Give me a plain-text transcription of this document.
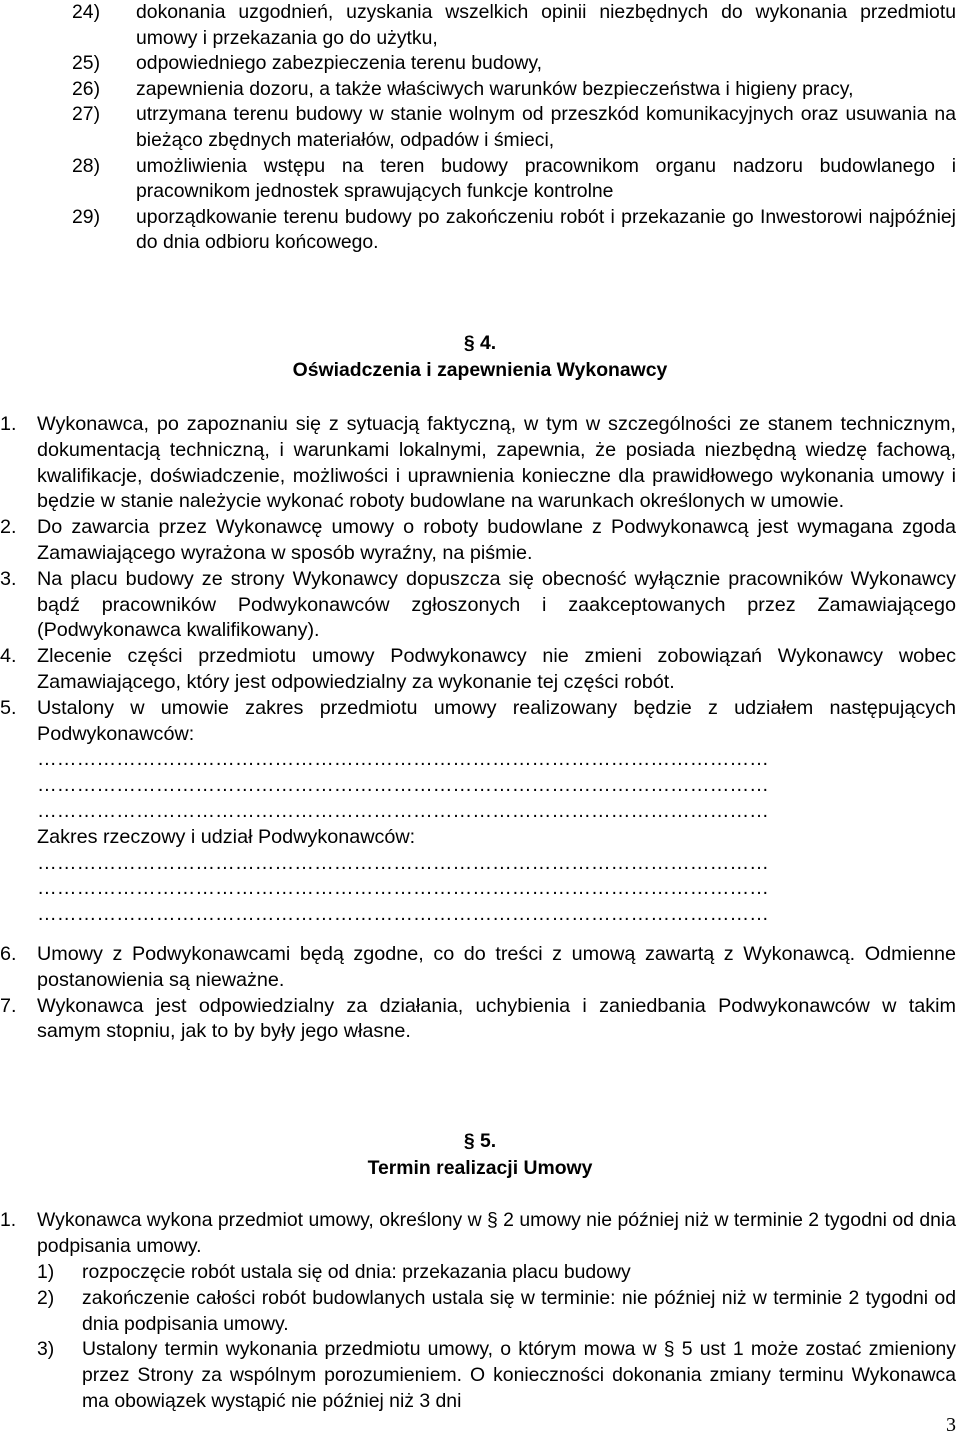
24) dokonania uzgodnień, uzyskania wszelkich opinii niezbędnych do wykonania przedmiotu umowy i przekazania go do użytku,
25) odpowiedniego zabezpieczenia terenu budowy,
26) zapewnienia dozoru, a także właściwych warunków bezpieczeństwa i higieny pracy,
27) utrzymana terenu budowy w stanie wolnym od przeszkód komunikacyjnych oraz usuwania na bieżąco zbędnych materiałów, odpadów i śmieci,
28) umożliwienia wstępu na teren budowy pracownikom organu nadzoru budowlanego i pracownikom jednostek sprawujących funkcje kontrolne
29) uporządkowanie terenu budowy po zakończeniu robót i przekazanie go Inwestorowi najpóźniej do dnia odbioru końcowego.
§ 4.
Oświadczenia i zapewnienia Wykonawcy
1. Wykonawca, po zapoznaniu się z sytuacją faktyczną, w tym w szczególności ze stanem technicznym, dokumentacją techniczną, i warunkami lokalnymi, zapewnia, że posiada niezbędną wiedzę fachową, kwalifikacje, doświadczenie, możliwości i uprawnienia konieczne dla prawidłowego wykonania umowy i będzie w stanie należycie wykonać roboty budowlane na warunkach określonych w umowie.
2. Do zawarcia przez Wykonawcę umowy o roboty budowlane z Podwykonawcą jest wymagana zgoda Zamawiającego wyrażona w sposób wyraźny, na piśmie.
3. Na placu budowy ze strony Wykonawcy dopuszcza się obecność wyłącznie pracowników Wykonawcy bądź pracowników Podwykonawców zgłoszonych i zaakceptowanych przez Zamawiającego (Podwykonawca kwalifikowany).
4. Zlecenie części przedmiotu umowy Podwykonawcy nie zmieni zobowiązań Wykonawcy wobec Zamawiającego, który jest odpowiedzialny za wykonanie tej części robót.
5. Ustalony w umowie zakres przedmiotu umowy realizowany będzie z udziałem następujących Podwykonawców:
…………………………………………………………………………………………………
…………………………………………………………………………………………………
…………………………………………………………………………………………………
Zakres rzeczowy i udział Podwykonawców:
…………………………………………………………………………………………………
…………………………………………………………………………………………………
…………………………………………………………………………………………………
6. Umowy z Podwykonawcami będą zgodne, co do treści z umową zawartą z Wykonawcą. Odmienne postanowienia są nieważne.
7. Wykonawca jest odpowiedzialny za działania, uchybienia i zaniedbania Podwykonawców w takim samym stopniu, jak to by były jego własne.
§ 5.
Termin realizacji Umowy
1. Wykonawca wykona przedmiot umowy, określony w § 2 umowy nie później niż w terminie 2 tygodni od dnia podpisania umowy.
1) rozpoczęcie robót ustala się od dnia: przekazania placu budowy
2) zakończenie całości robót budowlanych ustala się w terminie: nie później niż w terminie 2 tygodni od dnia podpisania umowy.
3) Ustalony termin wykonania przedmiotu umowy, o którym mowa w § 5 ust 1 może zostać zmieniony przez Strony za wspólnym porozumieniem. O konieczności dokonania zmiany terminu Wykonawca ma obowiązek wystąpić nie później niż 3 dni
3
